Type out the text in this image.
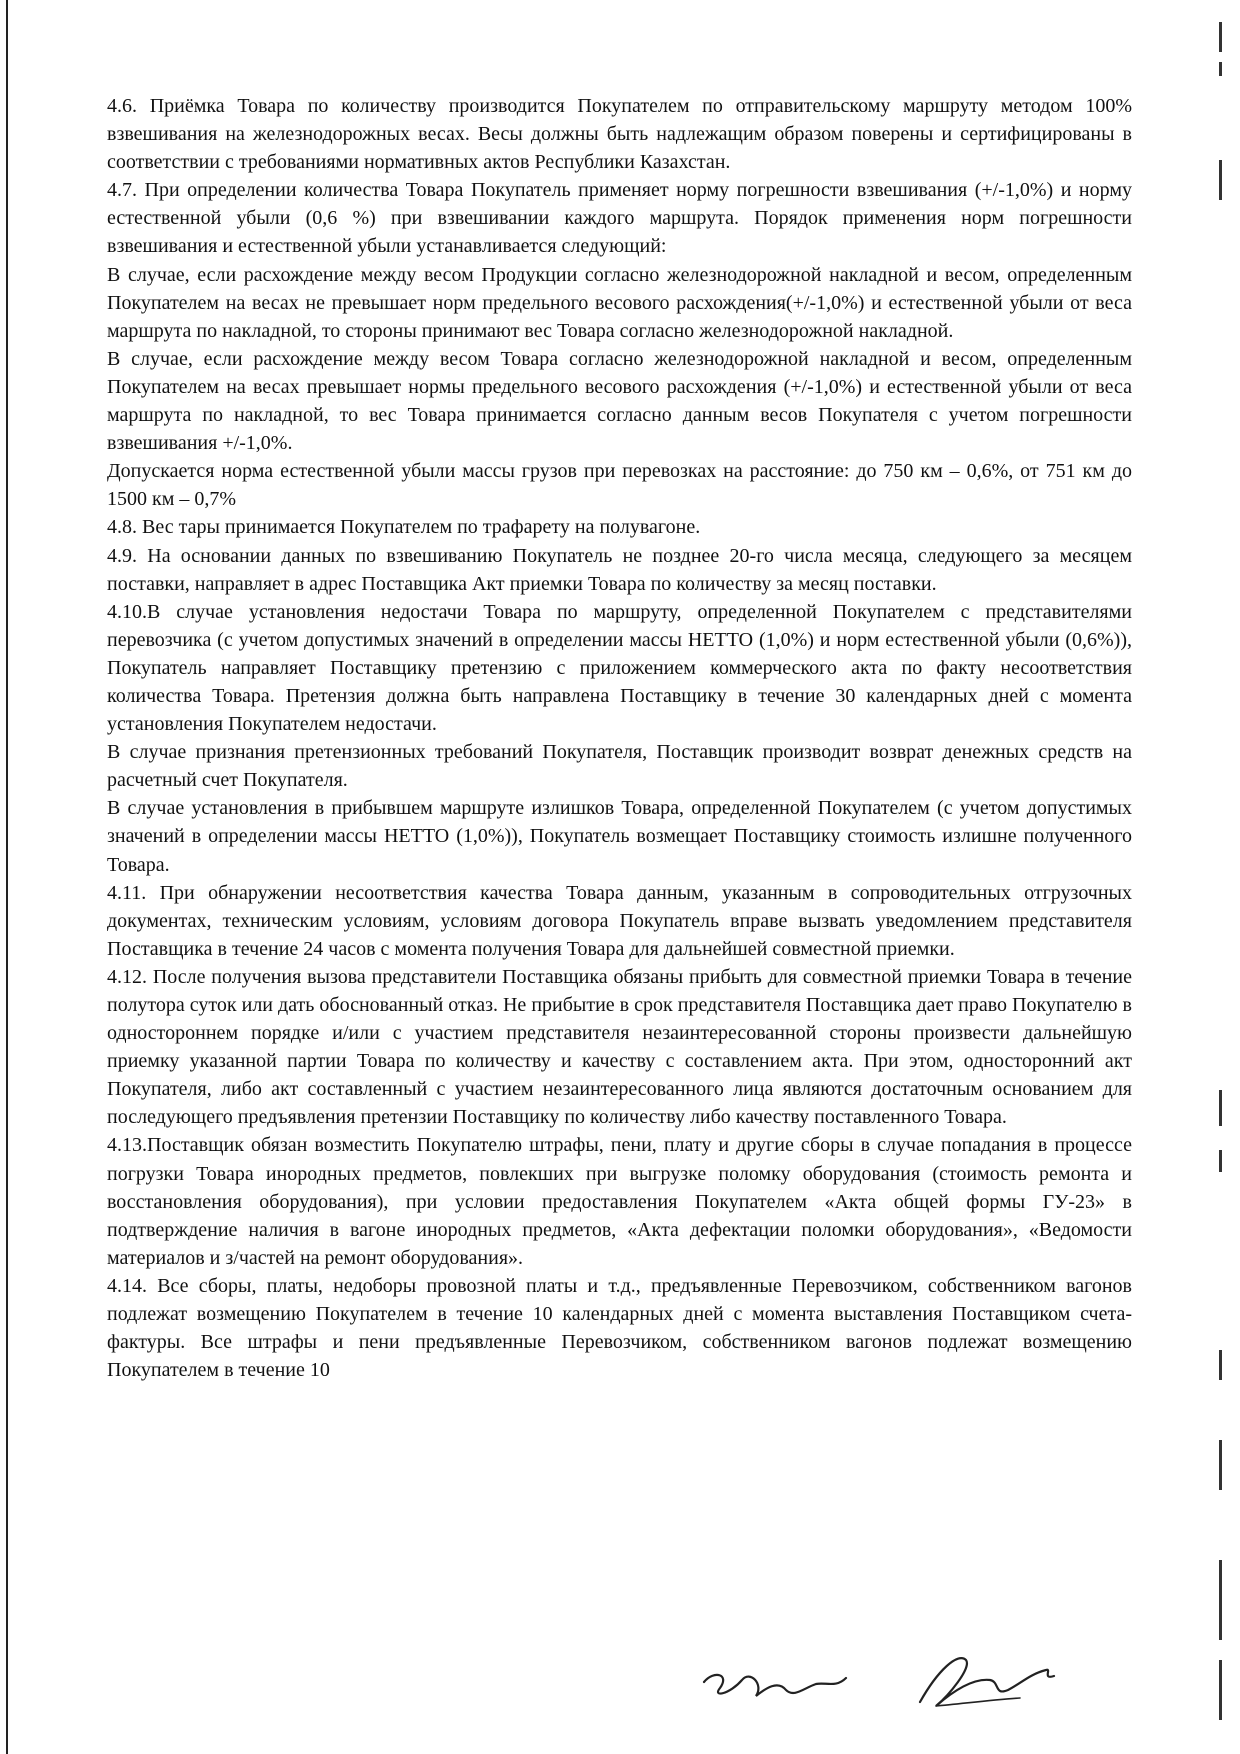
4.6. Приёмка Товара по количеству производится Покупателем по отправительскому маршруту методом 100% взвешивания на железнодорожных весах. Весы должны быть надлежащим образом поверены и сертифицированы в соответствии с требованиями нормативных актов Республики Казахстан.

4.7. При определении количества Товара Покупатель применяет норму погрешности взвешивания (+/-1,0%) и норму естественной убыли (0,6 %) при взвешивании каждого маршрута. Порядок применения норм погрешности взвешивания и естественной убыли устанавливается следующий:

В случае, если расхождение между весом Продукции согласно железнодорожной накладной и весом, определенным Покупателем на весах не превышает норм предельного весового расхождения(+/-1,0%) и естественной убыли от веса маршрута по накладной, то стороны принимают вес Товара согласно железнодорожной накладной.

В случае, если расхождение между весом Товара согласно железнодорожной накладной и весом, определенным Покупателем на весах превышает нормы предельного весового расхождения (+/-1,0%) и естественной убыли от веса маршрута по накладной, то вес Товара принимается согласно данным весов Покупателя с учетом погрешности взвешивания +/-1,0%.

Допускается норма естественной убыли массы грузов при перевозках на расстояние: до 750 км – 0,6%, от 751 км до 1500 км – 0,7%

4.8. Вес тары принимается Покупателем по трафарету на полувагоне.

4.9. На основании данных по взвешиванию Покупатель не позднее 20-го числа месяца, следующего за месяцем поставки, направляет в адрес Поставщика Акт приемки Товара по количеству за месяц поставки.

4.10.В случае установления недостачи Товара по маршруту, определенной Покупателем с представителями перевозчика (с учетом допустимых значений в определении массы НЕТТО (1,0%) и норм естественной убыли (0,6%)), Покупатель направляет Поставщику претензию с приложением коммерческого акта по факту несоответствия количества Товара. Претензия должна быть направлена Поставщику в течение 30 календарных дней с момента установления Покупателем недостачи.

В случае признания претензионных требований Покупателя, Поставщик производит возврат денежных средств на расчетный счет Покупателя.

В случае установления в прибывшем маршруте излишков Товара, определенной Покупателем (с учетом допустимых значений в определении массы НЕТТО (1,0%)), Покупатель возмещает Поставщику стоимость излишне полученного Товара.

4.11. При обнаружении несоответствия качества Товара данным, указанным в сопроводительных отгрузочных документах, техническим условиям, условиям договора Покупатель вправе вызвать уведомлением представителя Поставщика в течение 24 часов с момента получения Товара для дальнейшей совместной приемки.

4.12. После получения вызова представители Поставщика обязаны прибыть для совместной приемки Товара в течение полутора суток или дать обоснованный отказ. Не прибытие в срок представителя Поставщика дает право Покупателю в одностороннем порядке и/или с участием представителя незаинтересованной стороны произвести дальнейшую приемку указанной партии Товара по количеству и качеству с составлением акта. При этом, односторонний акт Покупателя, либо акт составленный с участием незаинтересованного лица являются достаточным основанием для последующего предъявления претензии Поставщику по количеству либо качеству поставленного Товара.

4.13.Поставщик обязан возместить Покупателю штрафы, пени, плату и другие сборы в случае попадания в процессе погрузки Товара инородных предметов, повлекших при выгрузке поломку оборудования (стоимость ремонта и восстановления оборудования), при условии предоставления Покупателем «Акта общей формы ГУ-23» в подтверждение наличия в вагоне инородных предметов, «Акта дефектации поломки оборудования», «Ведомости материалов и з/частей на ремонт оборудования».

4.14. Все сборы, платы, недоборы провозной платы и т.д., предъявленные Перевозчиком, собственником вагонов подлежат возмещению Покупателем в течение 10 календарных дней с момента выставления Поставщиком счета-фактуры. Все штрафы и пени предъявленные Перевозчиком, собственником вагонов подлежат возмещению Покупателем в течение 10
